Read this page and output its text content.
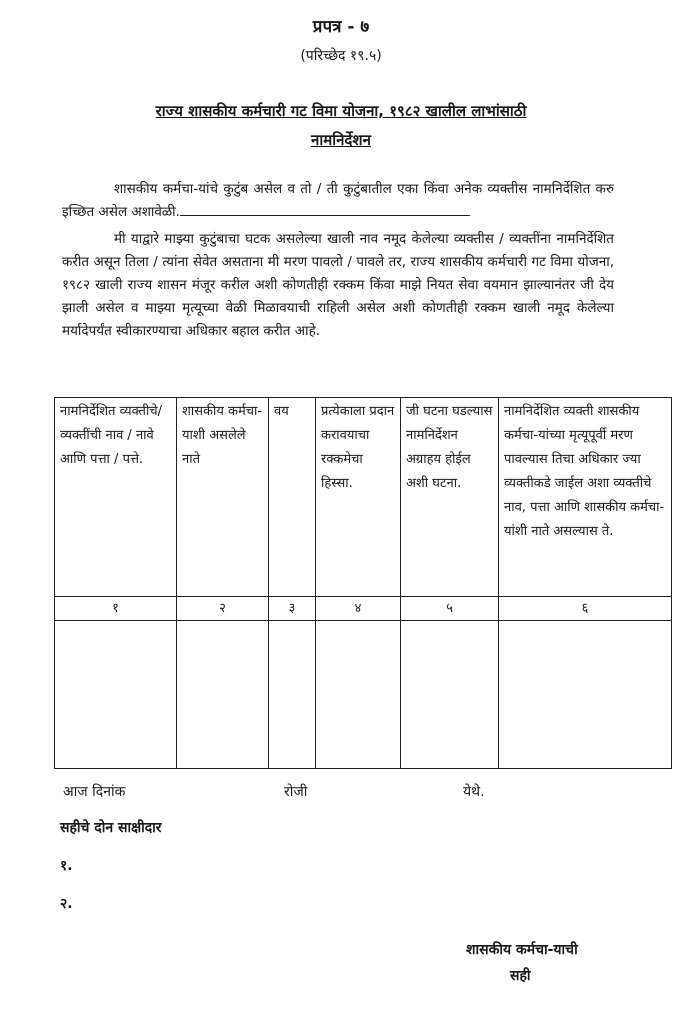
प्रपत्र - ७
(परिच्छेद १९.५)
राज्य शासकीय कर्मचारी गट विमा योजना, १९८२ खालील लाभांसाठी
नामनिर्देशन
शासकीय कर्मचा-यांचे कुटुंब असेल व तो / ती कुटुंबातील एका किंवा अनेक व्यक्तीस नामनिर्देशित करु इच्छित असेल अशावेळी.
मी याद्वारे माझ्या कुटुंबाचा घटक असलेल्या खाली नाव नमूद केलेल्या व्यक्तीस / व्यक्तींना नामनिर्देशित करीत असून तिला / त्यांना सेवेत असताना मी मरण पावलो / पावले तर, राज्य शासकीय कर्मचारी गट विमा योजना, १९८२ खाली राज्य शासन मंजूर करील अशी कोणतीही रक्कम किंवा माझे नियत सेवा वयमान झाल्यानंतर जी देय झाली असेल व माझ्या मृत्यूच्या वेळी मिळावयाची राहिली असेल अशी कोणतीही रक्कम खाली नमूद केलेल्या मर्यादेपर्यंत स्वीकारण्याचा अधिकार बहाल करीत आहे.
नामनिर्देशित व्यक्तीचे/व्यक्तींची नाव / नावे आणि पत्ता / पत्ते.	शासकीय कर्मचा-याशी असलेले नाते	वय	प्रत्येकाला प्रदान करावयाचा रक्कमेचा हिस्सा.	जी घटना घडल्यास नामनिर्देशन अग्राहय होईल अशी घटना.	नामनिर्देशित व्यक्ती शासकीय कर्मचा-यांच्या मृत्यूपूर्वी मरण पावल्यास तिचा अधिकार ज्या व्यक्तीकडे जाईल अशा व्यक्तीचे नाव, पत्ता आणि शासकीय कर्मचा-यांशी नाते असल्यास ते.
१	२	३	४	५	६

आज दिनांक	रोजी	येथे.
सहीचे दोन साक्षीदार
१.
२.
शासकीय कर्मचा-याची
सही
